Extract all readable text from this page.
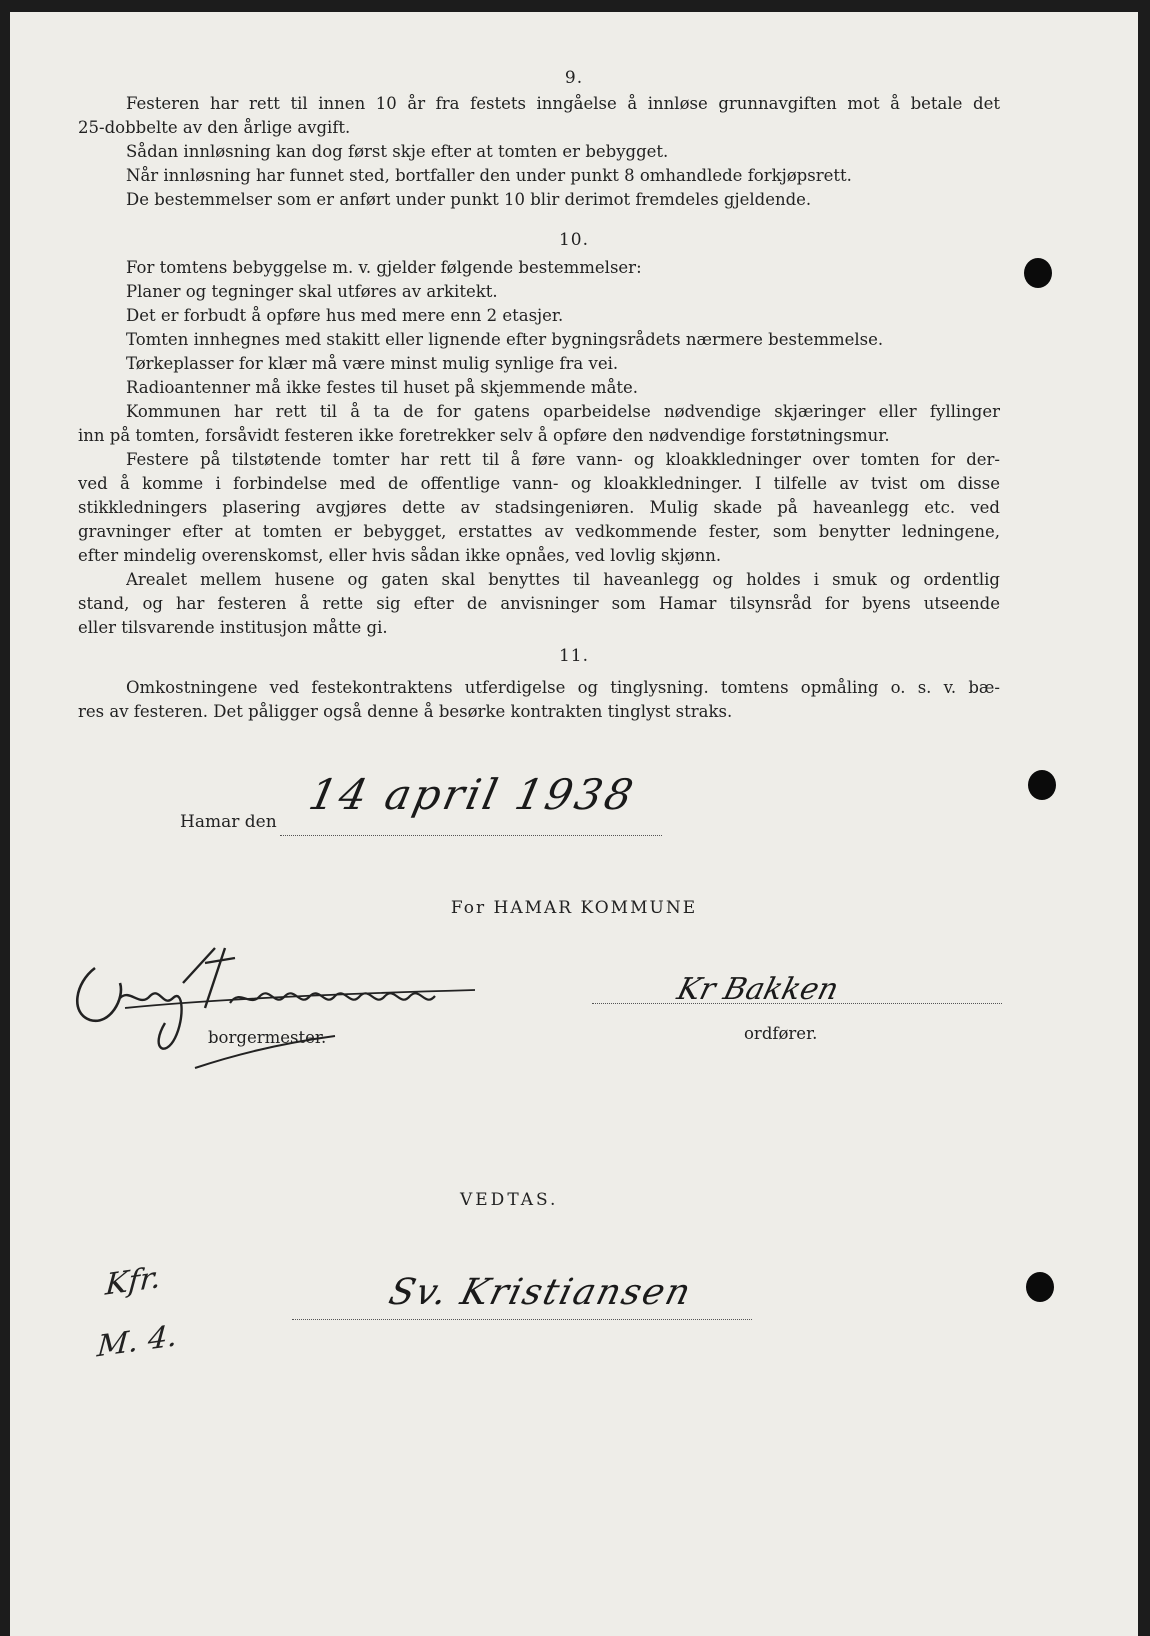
9.
Festeren har rett til innen 10 år fra festets inngåelse å innløse grunnavgiften mot å betale det
25‑dobbelte av den årlige avgift.
Sådan innløsning kan dog først skje efter at tomten er bebygget.
Når innløsning har funnet sted, bortfaller den under punkt 8 omhandlede forkjøpsrett.
De bestemmelser som er anført under punkt 10 blir derimot fremdeles gjeldende.
10.
For tomtens bebyggelse m. v. gjelder følgende bestemmelser:
Planer og tegninger skal utføres av arkitekt.
Det er forbudt å opføre hus med mere enn 2 etasjer.
Tomten innhegnes med stakitt eller lignende efter bygningsrådets nærmere bestemmelse.
Tørkeplasser for klær må være minst mulig synlige fra vei.
Radioantenner må ikke festes til huset på skjemmende måte.
Kommunen har rett til å ta de for gatens oparbeidelse nødvendige skjæringer eller fyllinger
inn på tomten, forsåvidt festeren ikke foretrekker selv å opføre den nødvendige forstøtningsmur.
Festere på tilstøtende tomter har rett til å føre vann‑ og kloakkledninger over tomten for der‑
ved å komme i forbindelse med de offentlige vann‑ og kloakkledninger. I tilfelle av tvist om disse
stikkledningers plasering avgjøres dette av stadsingeniøren. Mulig skade på haveanlegg etc. ved
gravninger efter at tomten er bebygget, erstattes av vedkommende fester, som benytter ledningene,
efter mindelig overenskomst, eller hvis sådan ikke opnåes, ved lovlig skjønn.
Arealet mellem husene og gaten skal benyttes til haveanlegg og holdes i smuk og ordentlig
stand, og har festeren å rette sig efter de anvisninger som Hamar tilsynsråd for byens utseende
eller tilsvarende institusjon måtte gi.
11.
Omkostningene ved festekontraktens utferdigelse og tinglysning. tomtens opmåling o. s. v. bæ‑
res av festeren. Det påligger også denne å besørke kontrakten tinglyst straks.
Hamar den
14 april 1938
For HAMAR KOMMUNE
borgermester.
Kr Bakken
ordfører.
VEDTAS.
Sv. Kristiansen
Kfr.
M. 4.
